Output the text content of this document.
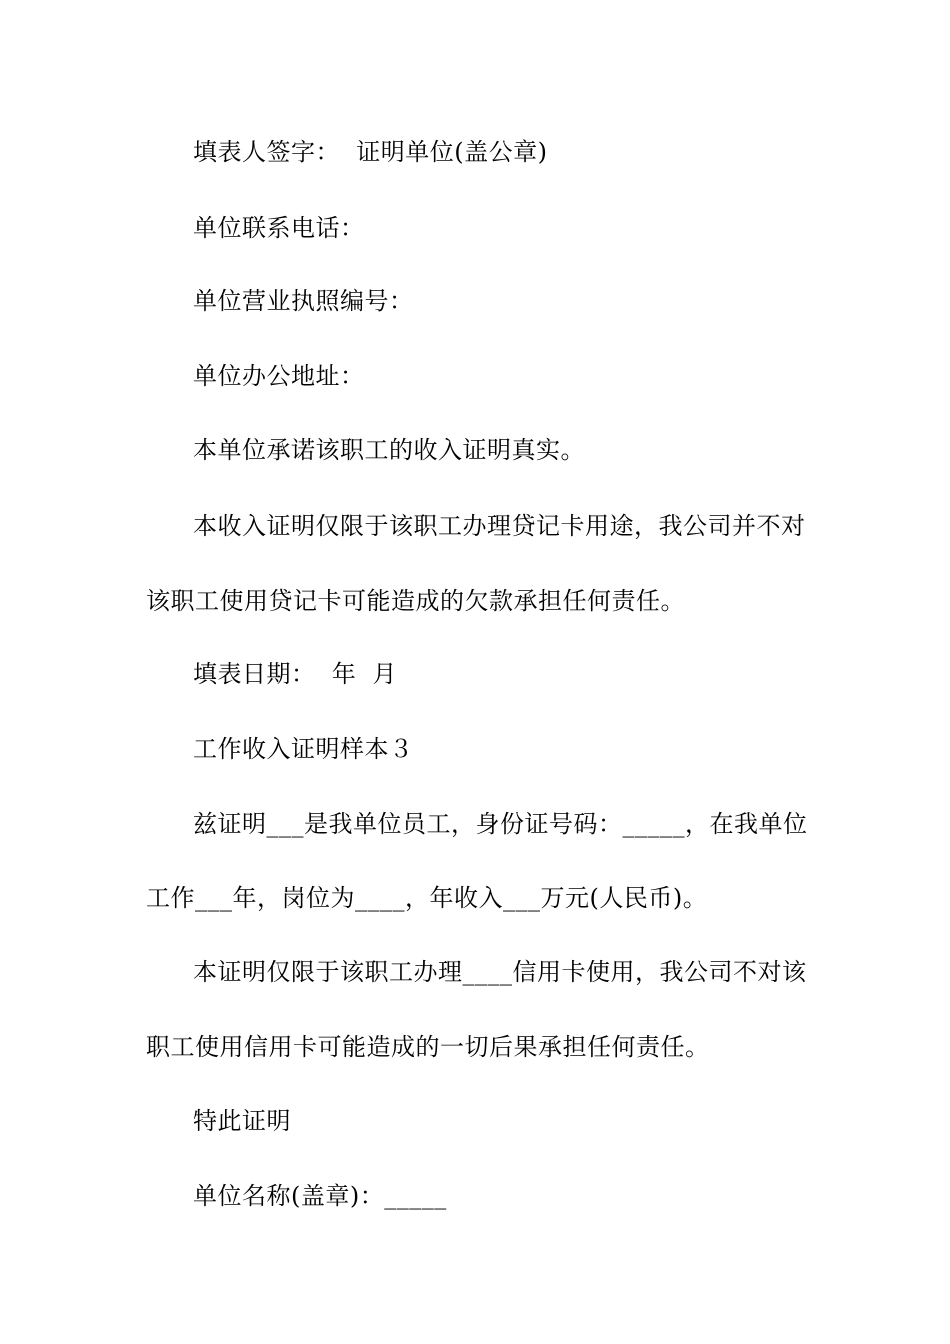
填表人签字：  证明单位(盖公章)
单位联系电话：
单位营业执照编号：
单位办公地址：
本单位承诺该职工的收入证明真实。
本收入证明仅限于该职工办理贷记卡用途，我公司并不对
该职工使用贷记卡可能造成的欠款承担任何责任。
填表日期：  年  月
工作收入证明样本３
兹证明___是我单位员工，身份证号码：_____，在我单位
工作___年，岗位为____，年收入___万元(人民币)。
本证明仅限于该职工办理____信用卡使用，我公司不对该
职工使用信用卡可能造成的一切后果承担任何责任。
特此证明
单位名称(盖章)：_____
